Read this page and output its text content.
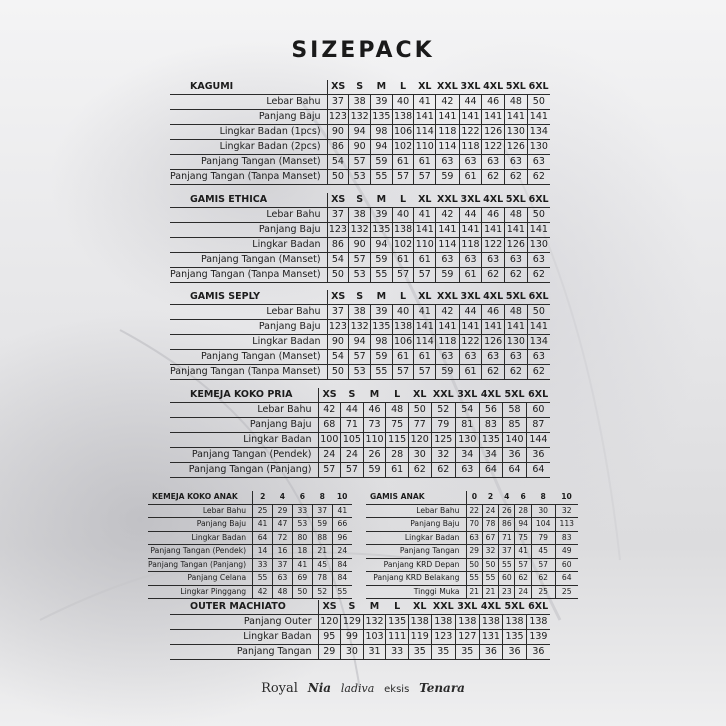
SIZEPACK
KAGUMI	XS	S	M	L	XL	XXL	3XL	4XL	5XL	6XL
Lebar Bahu	37	38	39	40	41	42	44	46	48	50
Panjang Baju	123	132	135	138	141	141	141	141	141	141
Lingkar Badan (1pcs)	90	94	98	106	114	118	122	126	130	134
Lingkar Badan (2pcs)	86	90	94	102	110	114	118	122	126	130
Panjang Tangan (Manset)	54	57	59	61	61	63	63	63	63	63
Panjang Tangan (Tanpa Manset)	50	53	55	57	57	59	61	62	62	62
GAMIS ETHICA	XS	S	M	L	XL	XXL	3XL	4XL	5XL	6XL
Lebar Bahu	37	38	39	40	41	42	44	46	48	50
Panjang Baju	123	132	135	138	141	141	141	141	141	141
Lingkar Badan	86	90	94	102	110	114	118	122	126	130
Panjang Tangan (Manset)	54	57	59	61	61	63	63	63	63	63
Panjang Tangan (Tanpa Manset)	50	53	55	57	57	59	61	62	62	62
GAMIS SEPLY	XS	S	M	L	XL	XXL	3XL	4XL	5XL	6XL
Lebar Bahu	37	38	39	40	41	42	44	46	48	50
Panjang Baju	123	132	135	138	141	141	141	141	141	141
Lingkar Badan	90	94	98	106	114	118	122	126	130	134
Panjang Tangan (Manset)	54	57	59	61	61	63	63	63	63	63
Panjang Tangan (Tanpa Manset)	50	53	55	57	57	59	61	62	62	62
KEMEJA KOKO PRIA	XS	S	M	L	XL	XXL	3XL	4XL	5XL	6XL
Lebar Bahu	42	44	46	48	50	52	54	56	58	60
Panjang Baju	68	71	73	75	77	79	81	83	85	87
Lingkar Badan	100	105	110	115	120	125	130	135	140	144
Panjang Tangan (Pendek)	24	24	26	28	30	32	34	34	36	36
Panjang Tangan (Panjang)	57	57	59	61	62	62	63	64	64	64
KEMEJA KOKO ANAK	2	4	6	8	10
Lebar Bahu	25	29	33	37	41
Panjang Baju	41	47	53	59	66
Lingkar Badan	64	72	80	88	96
Panjang Tangan (Pendek)	14	16	18	21	24
Panjang Tangan (Panjang)	33	37	41	45	84
Panjang Celana	55	63	69	78	84
Lingkar Pinggang	42	48	50	52	55
GAMIS ANAK	0	2	4	6	8	10
Lebar Bahu	22	24	26	28	30	32
Panjang Baju	70	78	86	94	104	113
Lingkar Badan	63	67	71	75	79	83
Panjang Tangan	29	32	37	41	45	49
Panjang KRD Depan	50	50	55	57	57	60
Panjang KRD Belakang	55	55	60	62	62	64
Tinggi Muka	21	21	23	24	25	25
OUTER MACHIATO	XS	S	M	L	XL	XXL	3XL	4XL	5XL	6XL
Panjang Outer	120	129	132	135	138	138	138	138	138	138
Lingkar Badan	95	99	103	111	119	123	127	131	135	139
Panjang Tangan	29	30	31	33	35	35	35	36	36	36
Royal Nia ladiva eksis Tenara
